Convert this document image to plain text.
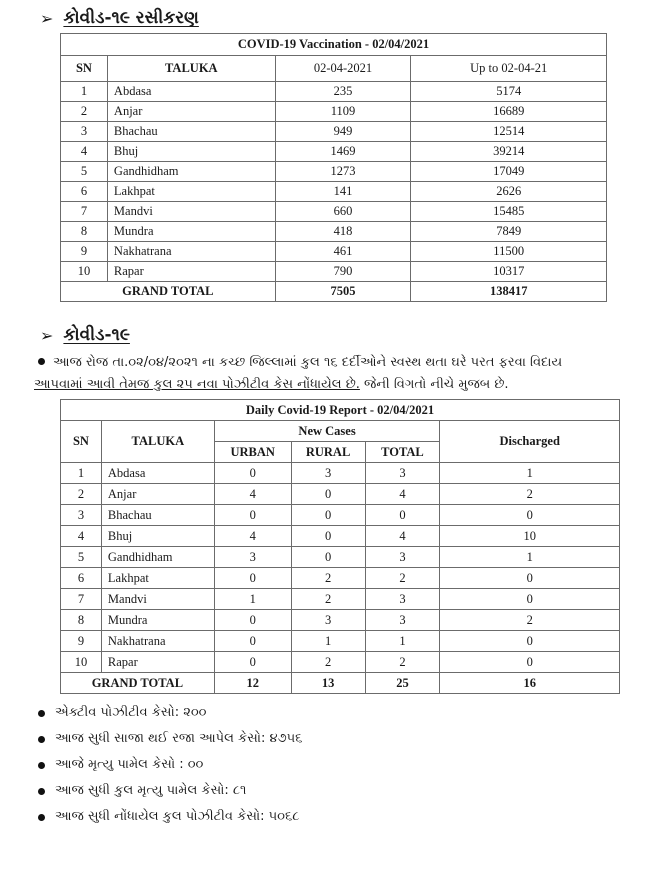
➢ કોવીડ-૧૯ રસીકરણ
COVID-19 Vaccination - 02/04/2021			
SN	TALUKA	02-04-2021	Up to 02-04-21
1	Abdasa	235	5174
2	Anjar	1109	16689
3	Bhachau	949	12514
4	Bhuj	1469	39214
5	Gandhidham	1273	17049
6	Lakhpat	141	2626
7	Mandvi	660	15485
8	Mundra	418	7849
9	Nakhatrana	461	11500
10	Rapar	790	10317
GRAND TOTAL		7505	138417
➢ કોવીડ-૧૯
આજ રોજ તા.૦૨/૦૪/૨૦૨૧ ના કચ્છ જિલ્લામાં કુલ ૧૬ દર્દીઓને સ્વસ્થ થતા ઘરે પરત ફરવા વિદાય
આપવામાં આવી તેમજ કુલ ૨૫ નવા પોઝીટીવ કેસ નોંધાયેલ છે. જેની વિગતો નીચે મુજબ છે.
Daily Covid-19 Report - 02/04/2021					
SN	TALUKA	New Cases			Discharged
		URBAN	RURAL	TOTAL	
1	Abdasa	0	3	3	1
2	Anjar	4	0	4	2
3	Bhachau	0	0	0	0
4	Bhuj	4	0	4	10
5	Gandhidham	3	0	3	1
6	Lakhpat	0	2	2	0
7	Mandvi	1	2	3	0
8	Mundra	0	3	3	2
9	Nakhatrana	0	1	1	0
10	Rapar	0	2	2	0
GRAND TOTAL		12	13	25	16
એક્ટીવ પોઝીટીવ કેસો: ૨૦૦
આજ સુધી સાજા થઈ રજા આપેલ કેસો: ૪૭૫૬
આજે મૃત્યુ પામેલ કેસો : ૦૦
આજ સુધી કુલ મૃત્યુ પામેલ કેસો: ૮૧
આજ સુધી નોંધાયેલ કુલ પોઝીટીવ કેસો: ૫૦૬૮
